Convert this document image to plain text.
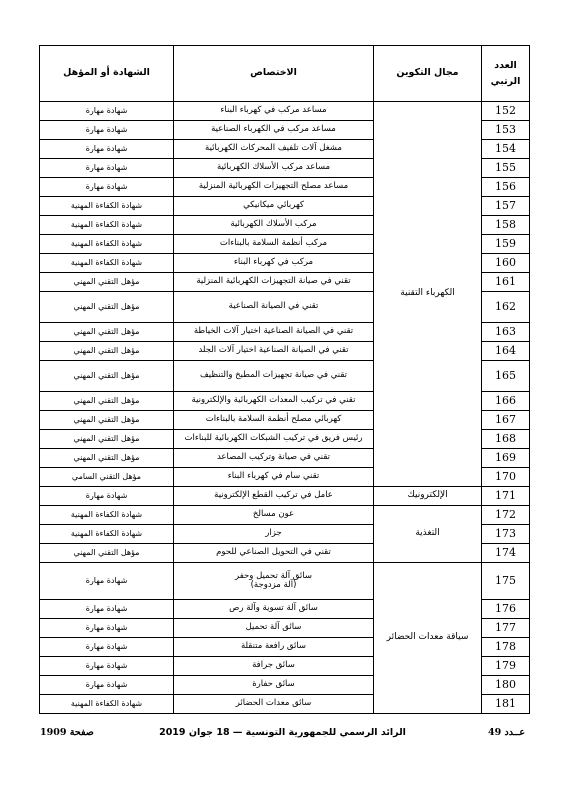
العدد الرتبي	مجال التكوين	الاختصاص	الشهادة أو المؤهل
152	الكهرباء التقنية	مساعد مركب في كهرباء البناء	شهادة مهارة
153		مساعد مركب في الكهرباء الصناعية	شهادة مهارة
154		مشغل آلات تلفيف المحركات الكهربائية	شهادة مهارة
155		مساعد مركب الأسلاك الكهربائية	شهادة مهارة
156		مساعد مصلح التجهيزات الكهربائية المنزلية	شهادة مهارة
157		كهربائي ميكانيكي	شهادة الكفاءة المهنية
158		مركب الأسلاك الكهربائية	شهادة الكفاءة المهنية
159		مركب أنظمة السلامة بالبناءات	شهادة الكفاءة المهنية
160		مركب في كهرباء البناء	شهادة الكفاءة المهنية
161		تقني في صيانة التجهيزات الكهربائية المنزلية	مؤهل التقني المهني
162		تقني في الصيانة الصناعية	مؤهل التقني المهني
163		تقني في الصيانة الصناعية اختيار آلات الخياطة	مؤهل التقني المهني
164		تقني في الصيانة الصناعية اختيار آلات الجلد	مؤهل التقني المهني
165		تقني في صيانة تجهيزات المطبخ والتنظيف	مؤهل التقني المهني
166		تقني في تركيب المعدات الكهربائية والإلكترونية	مؤهل التقني المهني
167		كهربائي مصلح أنظمة السلامة بالبناءات	مؤهل التقني المهني
168		رئيس فريق في تركيب الشبكات الكهربائية للبناءات	مؤهل التقني المهني
169		تقني في صيانة وتركيب المصاعد	مؤهل التقني المهني
170		تقني سام في كهرباء البناء	مؤهل التقني السامي
171	الإلكترونيك	عامل في تركيب القطع الإلكترونية	شهادة مهارة
172	التغذية	عون مسالخ	شهادة الكفاءة المهنية
173		جزار	شهادة الكفاءة المهنية
174		تقني في التحويل الصناعي للحوم	مؤهل التقني المهني
175	سياقة معدات الحضائر	سائق آلة تحميل وحفر
(آلة مزدوجة)	شهادة مهارة
176		سائق آلة تسوية وآلة رص	شهادة مهارة
177		سائق آلة تحميل	شهادة مهارة
178		سائق رافعة متنقلة	شهادة مهارة
179		سائق جرافة	شهادة مهارة
180		سائق حفارة	شهادة مهارة
181		سائق معدات الحضائر	شهادة الكفاءة المهنية
صفحة 1909	الرائد الرسمي للجمهورية التونسية — 18 جوان 2019	عــدد 49
